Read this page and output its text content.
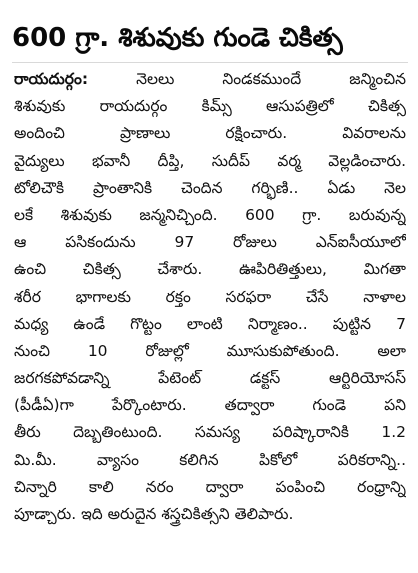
600 గ్రా. శిశువుకు గుండె చికిత్స
రాయదుర్గం: నెలలు నిండకముందే జన్మించిన
శిశువుకు రాయదుర్గం కిమ్స్ ఆసుపత్రిలో చికిత్స
అందించి ప్రాణాలు రక్షించారు. వివరాలను
వైద్యులు భవానీ దీప్తి, సుదీప్ వర్మ వెల్లడించారు.
టోలిచౌకి ప్రాంతానికి చెందిన గర్భిణి.. ఏడు నెల
లకే శిశువుకు జన్మనిచ్చింది. 600 గ్రా. బరువున్న
ఆ పసికందును 97 రోజులు ఎన్ఐసీయూలో
ఉంచి చికిత్స చేశారు. ఊపిరితిత్తులు, మిగతా
శరీర భాగాలకు రక్తం సరఫరా చేసే నాళాల
మధ్య ఉండే గొట్టం లాంటి నిర్మాణం.. పుట్టిన 7
నుంచి 10 రోజుల్లో మూసుకుపోతుంది. అలా
జరగకపోవడాన్ని పేటెంట్ డక్టస్ ఆర్టిరియోసస్
(పీడీఏ)గా పేర్కొంటారు. తద్వారా గుండె పని
తీరు దెబ్బతింటుంది. సమస్య పరిష్కారానికి 1.2
మి.మీ. వ్యాసం కలిగిన పికోలో పరికరాన్ని..
చిన్నారి కాలి నరం ద్వారా పంపించి రంధ్రాన్ని
పూడ్చారు. ఇది అరుదైన శస్త్రచికిత్సని తెలిపారు.
